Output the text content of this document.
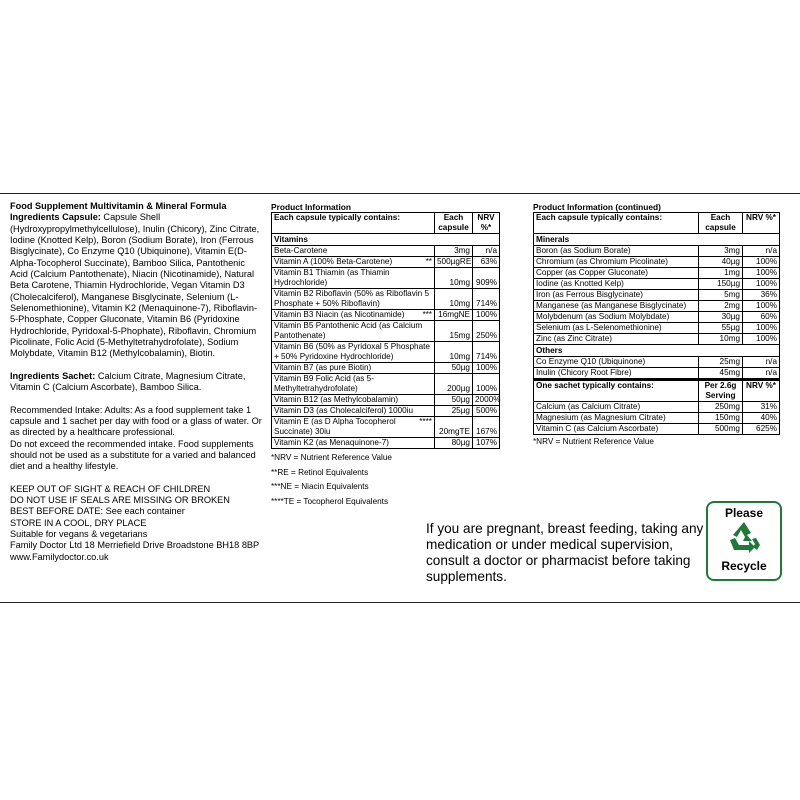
Food Supplement Multivitamin & Mineral Formula

Ingredients Capsule: Capsule Shell (Hydroxypropylmethylcellulose), Inulin (Chicory), Zinc Citrate, Iodine (Knotted Kelp), Boron (Sodium Borate), Iron (Ferrous Bisglycinate), Co Enzyme Q10 (Ubiquinone), Vitamin E(D-Alpha-Tocopherol Succinate), Bamboo Silica, Pantothenic Acid (Calcium Pantothenate), Niacin (Nicotinamide), Natural Beta Carotene, Thiamin Hydrochloride, Vegan Vitamin D3 (Cholecalciferol), Manganese Bisglycinate, Selenium (L-Selenomethionine), Vitamin K2 (Menaquinone-7), Riboflavin-5-Phosphate, Copper Gluconate, Vitamin B6 (Pyridoxine Hydrochloride, Pyridoxal-5-Phophate), Riboflavin, Chromium Picolinate, Folic Acid (5-Methyltetrahydrofolate), Sodium Molybdate, Vitamin B12 (Methylcobalamin), Biotin.

Ingredients Sachet: Calcium Citrate, Magnesium Citrate, Vitamin C (Calcium Ascorbate), Bamboo Silica.

Recommended Intake: Adults: As a food supplement take 1 capsule and 1 sachet per day with food or a glass of water. Or as directed by a healthcare professional.

Do not exceed the recommended intake. Food supplements should not be used as a substitute for a varied and balanced diet and a healthy lifestyle.

KEEP OUT OF SIGHT & REACH OF CHILDREN

DO NOT USE IF SEALS ARE MISSING OR BROKEN

BEST BEFORE DATE: See each container

STORE IN A COOL, DRY PLACE

Suitable for vegans & vegetarians

Family Doctor Ltd 18 Merriefield Drive Broadstone BH18 8BP

www.Familydoctor.co.uk

Product Information
Each capsule typically contains:	Each capsule	NRV %*
Vitamins		

Beta-Carotene	3mg	n/a

Vitamin A (100% Beta-Carotene) **	500µgRE	63%

Vitamin B1 Thiamin (as Thiamin Hydrochloride)	10mg	909%

Vitamin B2 Riboflavin (50% as Riboflavin 5 Phosphate + 50% Riboflavin)	10mg	714%

Vitamin B3 Niacin (as Nicotinamide) ***	16mgNE	100%

Vitamin B5 Pantothenic Acid (as Calcium Pantothenate)	15mg	250%

Vitamin B6 (50% as Pyridoxal 5 Phosphate + 50% Pyridoxine Hydrochloride)	10mg	714%

Vitamin B7 (as pure Biotin)	50µg	100%

Vitamin B9 Folic Acid (as 5-Methyltetrahydrofolate)	200µg	100%

Vitamin B12 (as Methylcobalamin)	50µg	2000%

Vitamin D3 (as Cholecalciferol) 1000iu	25µg	500%

Vitamin E (as D Alpha Tocopherol Succinate) 30iu
****	20mgTE	167%

Vitamin K2 (as Menaquinone-7)	80µg	107%
*NRV = Nutrient Reference Value
**RE = Retinol Equivalents
***NE = Niacin Equivalents
****TE = Tocopherol Equivalents
Product Information (continued)
Each capsule typically contains:	Each capsule	NRV %*
Minerals		
Boron (as Sodium Borate)	3mg	n/a
Chromium (as Chromium Picolinate)	40µg	100%
Copper (as Copper Gluconate)	1mg	100%
Iodine (as Knotted Kelp)	150µg	100%
Iron (as Ferrous Bisglycinate)	5mg	36%
Manganese (as Manganese Bisglycinate)	2mg	100%
Molybdenum (as Sodium Molybdate)	30µg	60%
Selenium (as L-Selenomethionine)	55µg	100%
Zinc (as Zinc Citrate)	10mg	100%
Others		
Co Enzyme Q10 (Ubiquinone)	25mg	n/a
Inulin (Chicory Root Fibre)	45mg	n/a
One sachet typically contains:	Per 2.6g Serving	NRV %*
Calcium (as Calcium Citrate)	250mg	31%
Magnesium (as Magnesium Citrate)	150mg	40%
Vitamin C (as Calcium Ascorbate)	500mg	625%
*NRV = Nutrient Reference Value
If you are pregnant, breast feeding, taking any medication or under medical supervision, consult a doctor or pharmacist before taking supplements.
Please
Recycle
